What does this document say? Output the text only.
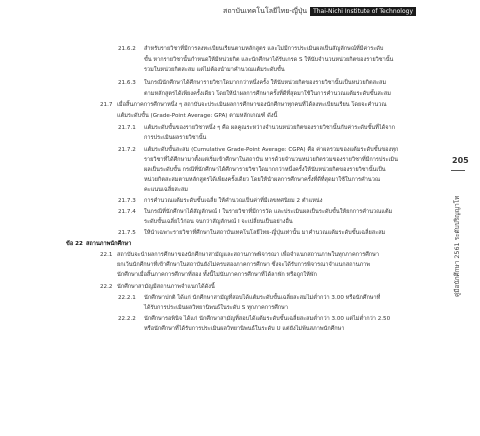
สถาบันเทคโนโลยีไทย-ญี่ปุ่น	Thai-Nichi Institute of Technology
21.6.2 สำหรับรายวิชาที่มีการลงทะเบียนเรียนตามหลักสูตร และไม่มีการประเมินผลเป็นสัญลักษณ์ที่มีค่าระดับ
ขั้น หากรายวิชานั้นกำหนดให้มีหน่วยกิต และนักศึกษาได้รับเกรด S ให้นับจำนวนหน่วยกิตของรายวิชานั้น
รวมในหน่วยกิตสะสม แต่ไม่ต้องนำมาคำนวณแต้มระดับขั้น
21.6.3 ในกรณีนักศึกษาได้ศึกษารายวิชาใดมากกว่าหนึ่งครั้ง ให้นับหน่วยกิตของรายวิชานั้นเป็นหน่วยกิตสะสม
ตามหลักสูตรได้เพียงครั้งเดียว โดยให้นำผลการศึกษาครั้งที่ดีที่สุดมาใช้ในการคำนวณแต้มระดับขั้นสะสม
21.7 เมื่อสิ้นภาคการศึกษาหนึ่ง ๆ สถาบันจะประเมินผลการศึกษาของนักศึกษาทุกคนที่ได้ลงทะเบียนเรียน โดยจะคำนวณ
แต้มระดับขั้น (Grade-Point Average: GPA) ตามหลักเกณฑ์ ดังนี้
21.7.1 แต้มระดับขั้นของรายวิชาหนึ่ง ๆ คือ ผลคูณระหว่างจำนวนหน่วยกิตของรายวิชานั้นกับค่าระดับขั้นที่ได้จาก
การประเมินผลรายวิชานั้น
21.7.2 แต้มระดับขั้นสะสม (Cumulative Grade-Point Average: CGPA) คือ ค่าผลรวมของแต้มระดับขั้นของทุก
รายวิชาที่ได้ศึกษามาตั้งแต่เริ่มเข้าศึกษาในสถาบัน หารด้วยจำนวนหน่วยกิตรวมของรายวิชาที่มีการประเมิน
ผลเป็นระดับขั้น กรณีที่นักศึกษาได้ศึกษารายวิชาใดมากกว่าหนึ่งครั้งให้นับหน่วยกิตของรายวิชานั้นเป็น
หน่วยกิตสะสมตามหลักสูตรได้เพียงครั้งเดียว โดยให้นำผลการศึกษาครั้งที่ดีที่สุดมาใช้ในการคำนวณ
คะแนนเฉลี่ยสะสม
21.7.3 การคำนวณแต้มระดับขั้นเฉลี่ย ให้คำนวณเป็นค่าที่มีเลขทศนิยม 2 ตำแหน่ง
21.7.4 ในกรณีที่นักศึกษาได้สัญลักษณ์ I ในรายวิชาที่มีการวัด และประเมินผลเป็นระดับขั้นให้ยกการคำนวณแต้ม
ระดับขั้นเฉลี่ยไว้ก่อน จนกว่าสัญลักษณ์ I จะเปลี่ยนเป็นอย่างอื่น
21.7.5 ให้นำเฉพาะรายวิชาที่ศึกษาในสถาบันเทคโนโลยีไทย-ญี่ปุ่นเท่านั้น มาคำนวณแต้มระดับขั้นเฉลี่ยสะสม
ข้อ 22 สถานภาพนักศึกษา
22.1 สถาบันจะนำผลการศึกษาของนักศึกษาสามัญและสถานภาพพิจารณา เพื่อจำแนกสถานภาพในทุกภาคการศึกษา
ยกเว้นนักศึกษาที่เข้าศึกษาในสถาบันยังไม่ครบสองภาคการศึกษา ซึ่งจะได้รับการพิจารณาจำแนกสถานภาพ
นักศึกษาเมื่อสิ้นภาคการศึกษาที่สอง ทั้งนี้ไม่นับภาคการศึกษาที่ได้ลาพัก หรือถูกให้พัก
22.2 นักศึกษาสามัญมีสถานภาพจำแนกได้ดังนี้
22.2.1 นักศึกษาปกติ ได้แก่ นักศึกษาสามัญที่สอบได้แต้มระดับขั้นเฉลี่ยสะสมไม่ต่ำกว่า 3.00 หรือนักศึกษาที่
ได้รับการประเมินผลวิทยานิพนธ์ในระดับ S ทุกภาคการศึกษา
22.2.2 นักศึกษารอพินิจ ได้แก่ นักศึกษาสามัญที่สอบได้แต้มระดับขั้นเฉลี่ยสะสมต่ำกว่า 3.00 แต่ไม่ต่ำกว่า 2.50
หรือนักศึกษาที่ได้รับการประเมินผลวิทยานิพนธ์ในระดับ U แต่ยังไม่พ้นสภาพนักศึกษา
205
คู่มือนักศึกษา 2561 ระดับปริญญาโท
